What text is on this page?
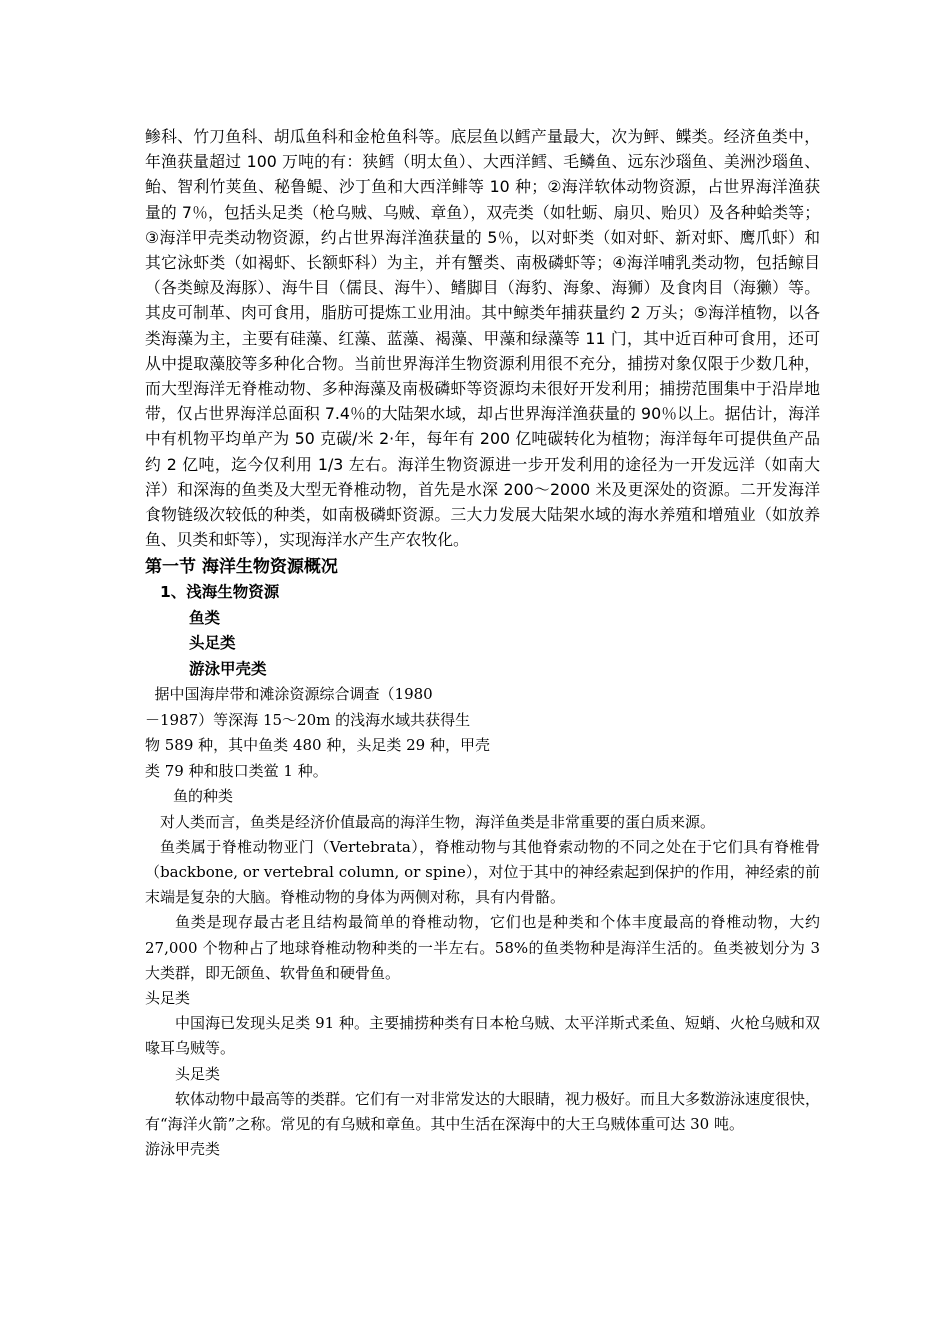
鲹科、竹刀鱼科、胡瓜鱼科和金枪鱼科等。底层鱼以鳕产量最大，次为鲆、鲽类。经济鱼类中，年渔获量超过 100 万吨的有：狭鳕（明太鱼）、大西洋鳕、毛鳞鱼、远东沙瑙鱼、美洲沙瑙鱼、鲐、智利竹荚鱼、秘鲁鳀、沙丁鱼和大西洋鲱等 10 种；②海洋软体动物资源，占世界海洋渔获量的 7％，包括头足类（枪乌贼、乌贼、章鱼），双壳类（如牡蛎、扇贝、贻贝）及各种蛤类等；③海洋甲壳类动物资源，约占世界海洋渔获量的 5％，以对虾类（如对虾、新对虾、鹰爪虾）和其它泳虾类（如褐虾、长额虾科）为主，并有蟹类、南极磷虾等；④海洋哺乳类动物，包括鲸目（各类鲸及海豚）、海牛目（儒艮、海牛）、鳍脚目（海豹、海象、海狮）及食肉目（海獭）等。其皮可制革、肉可食用，脂肪可提炼工业用油。其中鲸类年捕获量约 2 万头；⑤海洋植物，以各类海藻为主，主要有硅藻、红藻、蓝藻、褐藻、甲藻和绿藻等 11 门，其中近百种可食用，还可从中提取藻胶等多种化合物。当前世界海洋生物资源利用很不充分，捕捞对象仅限于少数几种，而大型海洋无脊椎动物、多种海藻及南极磷虾等资源均未很好开发利用；捕捞范围集中于沿岸地带，仅占世界海洋总面积 7.4％的大陆架水域，却占世界海洋渔获量的 90％以上。据估计，海洋中有机物平均单产为 50 克碳/米 2·年，每年有 200 亿吨碳转化为植物；海洋每年可提供鱼产品约 2 亿吨，迄今仅利用 1/3 左右。海洋生物资源进一步开发利用的途径为一开发远洋（如南大洋）和深海的鱼类及大型无脊椎动物，首先是水深 200～2000 米及更深处的资源。二开发海洋食物链级次较低的种类，如南极磷虾资源。三大力发展大陆架水域的海水养殖和增殖业（如放养鱼、贝类和虾等），实现海洋水产生产农牧化。

第一节 海洋生物资源概况
1、浅海生物资源
鱼类
头足类
游泳甲壳类

据中国海岸带和滩涂资源综合调查（1980
－1987）等深海 15～20m 的浅海水域共获得生
物 589 种，其中鱼类 480 种，头足类 29 种，甲壳
类 79 种和肢口类鲎 1 种。

鱼的种类

对人类而言，鱼类是经济价值最高的海洋生物，海洋鱼类是非常重要的蛋白质来源。

鱼类属于脊椎动物亚门（Vertebrata），脊椎动物与其他脊索动物的不同之处在于它们具有脊椎骨（backbone, or vertebral column, or spine），对位于其中的神经索起到保护的作用，神经索的前末端是复杂的大脑。脊椎动物的身体为两侧对称，具有内骨骼。

鱼类是现存最古老且结构最简单的脊椎动物，它们也是种类和个体丰度最高的脊椎动物，大约 27,000 个物种占了地球脊椎动物种类的一半左右。58%的鱼类物种是海洋生活的。鱼类被划分为 3 大类群，即无颌鱼、软骨鱼和硬骨鱼。

头足类

中国海已发现头足类 91 种。主要捕捞种类有日本枪乌贼、太平洋斯式柔鱼、短蛸、火枪乌贼和双喙耳乌贼等。

头足类

软体动物中最高等的类群。它们有一对非常发达的大眼睛，视力极好。而且大多数游泳速度很快，有“海洋火箭”之称。常见的有乌贼和章鱼。其中生活在深海中的大王乌贼体重可达 30 吨。

游泳甲壳类
